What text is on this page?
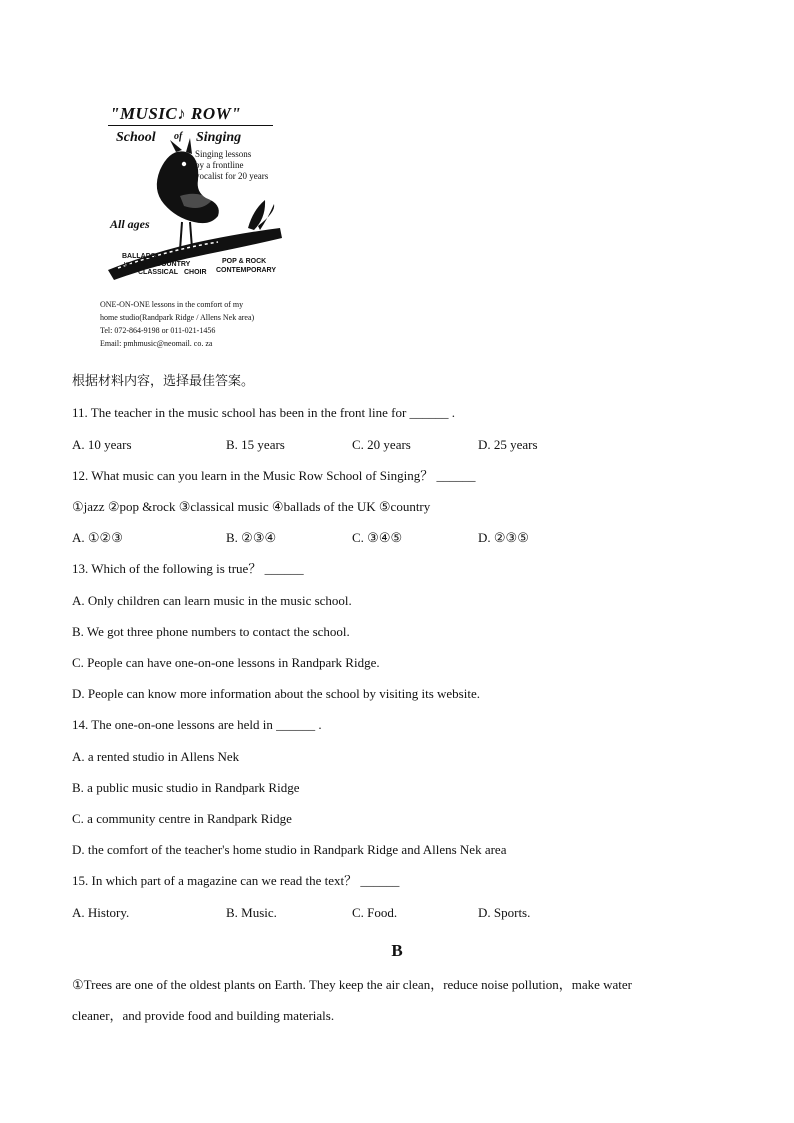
"MUSIC♪ ROW"
School of Singing
Singing lessons
by a frontline
vocalist for 20 years
All ages
BALLADS
USA & SA COUNTRY
CLASSICAL CHOIR
POP & ROCK
CONTEMPORARY
ONE-ON-ONE lessons in the comfort of my
home studio(Randpark Ridge / Allens Nek area)
Tel: 072-864-9198 or 011-021-1456
Email: pmhmusic@neomail. co. za
根据材料内容，选择最佳答案。
11. The teacher in the music school has been in the front line for ______ .
A. 10 years	B. 15 years	C. 20 years	D. 25 years
12. What music can you learn in the Music Row School of Singing？ ______
①jazz ②pop &rock ③classical music ④ballads of the UK ⑤country
A. ①②③	B. ②③④	C. ③④⑤	D. ②③⑤
13. Which of the following is true？ ______
A. Only children can learn music in the music school.
B. We got three phone numbers to contact the school.
C. People can have one-on-one lessons in Randpark Ridge.
D. People can know more information about the school by visiting its website.
14. The one-on-one lessons are held in ______ .
A. a rented studio in Allens Nek
B. a public music studio in Randpark Ridge
C. a community centre in Randpark Ridge
D. the comfort of the teacher's home studio in Randpark Ridge and Allens Nek area
15. In which part of a magazine can we read the text？ ______
A. History.	B. Music.	C. Food.	D. Sports.
B
①Trees are one of the oldest plants on Earth. They keep the air clean，reduce noise pollution，make water
cleaner，and provide food and building materials.
